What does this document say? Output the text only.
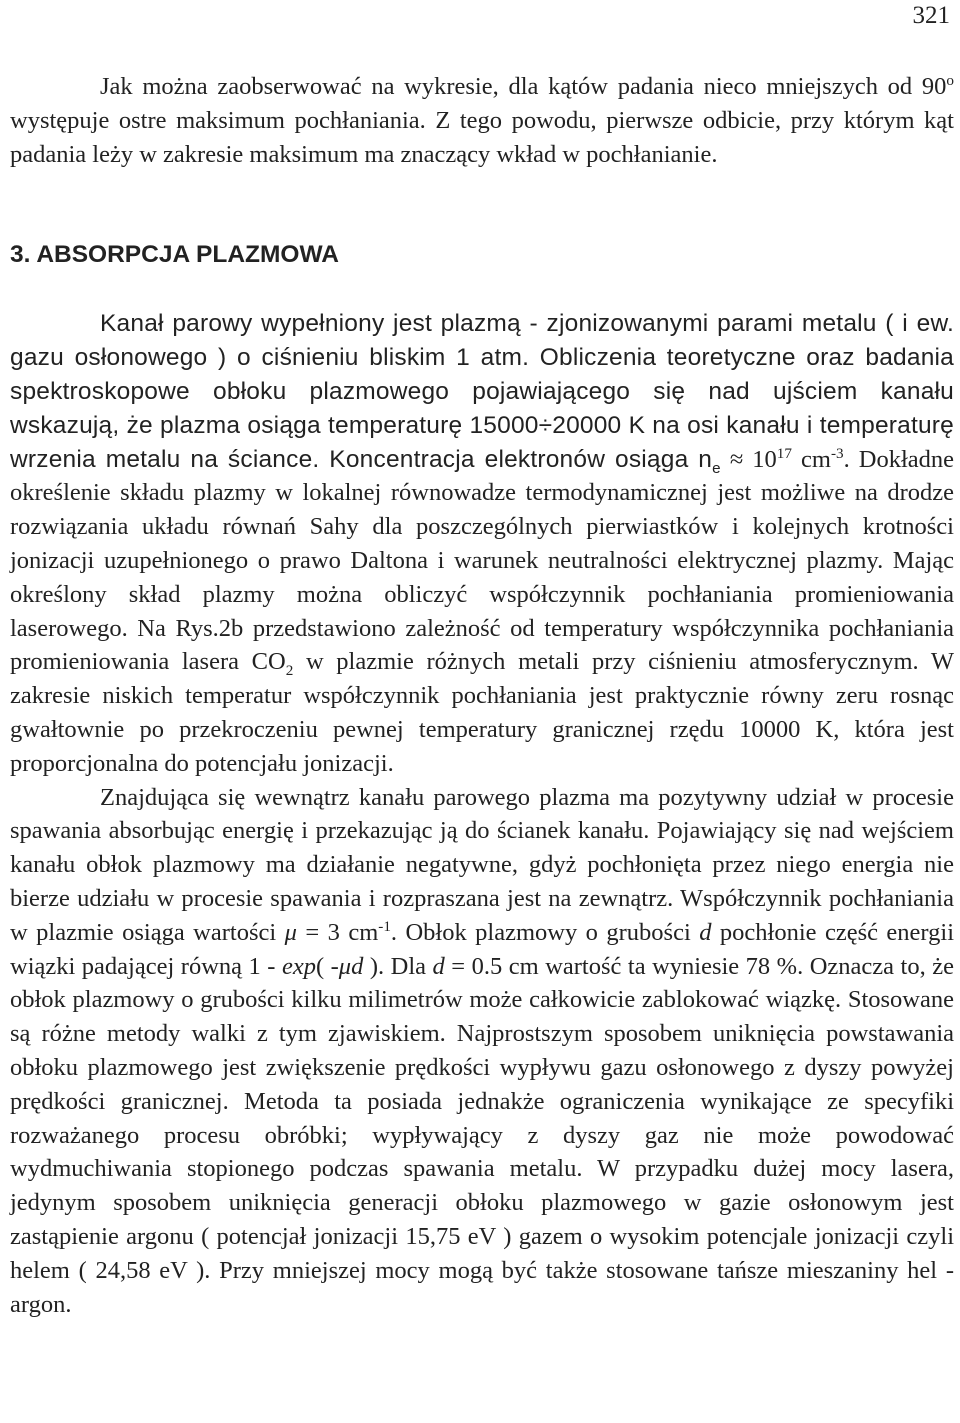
321

Jak można zaobserwować na wykresie, dla kątów padania nieco mniejszych od 90$^o$ występuje ostre maksimum pochłaniania. Z tego powodu, pierwsze odbicie, przy którym kąt padania leży w zakresie maksimum ma znaczący wkład w pochłanianie.

3. ABSORPCJA PLAZMOWA

Kanał parowy wypełniony jest plazmą - zjonizowanymi parami metalu ( i ew. gazu osłonowego ) o ciśnieniu bliskim 1 atm. Obliczenia teoretyczne oraz badania spektroskopowe obłoku plazmowego pojawiającego się nad ujściem kanału wskazują, że plazma osiąga temperaturę 15000÷20000 K na osi kanału i temperaturę wrzenia metalu na ściance. Koncentracja elektronów osiąga $n_e \approx 10^{17}$ $cm^{-3}$. Dokładne określenie składu plazmy w lokalnej równowadze termodynamicznej jest możliwe na drodze rozwiązania układu równań Sahy dla poszczególnych pierwiastków i kolejnych krotności jonizacji uzupełnionego o prawo Daltona i warunek neutralności elektrycznej plazmy. Mając określony skład plazmy można obliczyć współczynnik pochłaniania promieniowania laserowego. Na Rys.2b przedstawiono zależność od temperatury współczynnika pochłaniania promieniowania lasera $CO_2$ w plazmie różnych metali przy ciśnieniu atmosferycznym. W zakresie niskich temperatur współczynnik pochłaniania jest praktycznie równy zeru rosnąc gwałtownie po przekroczeniu pewnej temperatury granicznej rzędu 10000 K, która jest proporcjonalna do potencjału jonizacji.

Znajdująca się wewnątrz kanału parowego plazma ma pozytywny udział w procesie spawania absorbując energię i przekazując ją do ścianek kanału. Pojawiający się nad wejściem kanału obłok plazmowy ma działanie negatywne, gdyż pochłonięta przez niego energia nie bierze udziału w procesie spawania i rozpraszana jest na zewnątrz. Współczynnik pochłaniania w plazmie osiąga wartości μ = 3 $cm^{-1}$. Obłok plazmowy o grubości d pochłonie część energii wiązki padającej równą 1 - exp( -μd ). Dla d = 0.5 cm wartość ta wyniesie 78 %. Oznacza to, że obłok plazmowy o grubości kilku milimetrów może całkowicie zablokować wiązkę. Stosowane są różne metody walki z tym zjawiskiem. Najprostszym sposobem uniknięcia powstawania obłoku plazmowego jest zwiększenie prędkości wypływu gazu osłonowego z dyszy powyżej prędkości granicznej. Metoda ta posiada jednakże ograniczenia wynikające ze specyfiki rozważanego procesu obróbki; wypływający z dyszy gaz nie może powodować wydmuchiwania stopionego podczas spawania metalu. W przypadku dużej mocy lasera, jedynym sposobem uniknięcia generacji obłoku plazmowego w gazie osłonowym jest zastąpienie argonu ( potencjał jonizacji 15,75 eV ) gazem o wysokim potencjale jonizacji czyli helem ( 24,58 eV ). Przy mniejszej mocy mogą być także stosowane tańsze mieszaniny hel - argon.
